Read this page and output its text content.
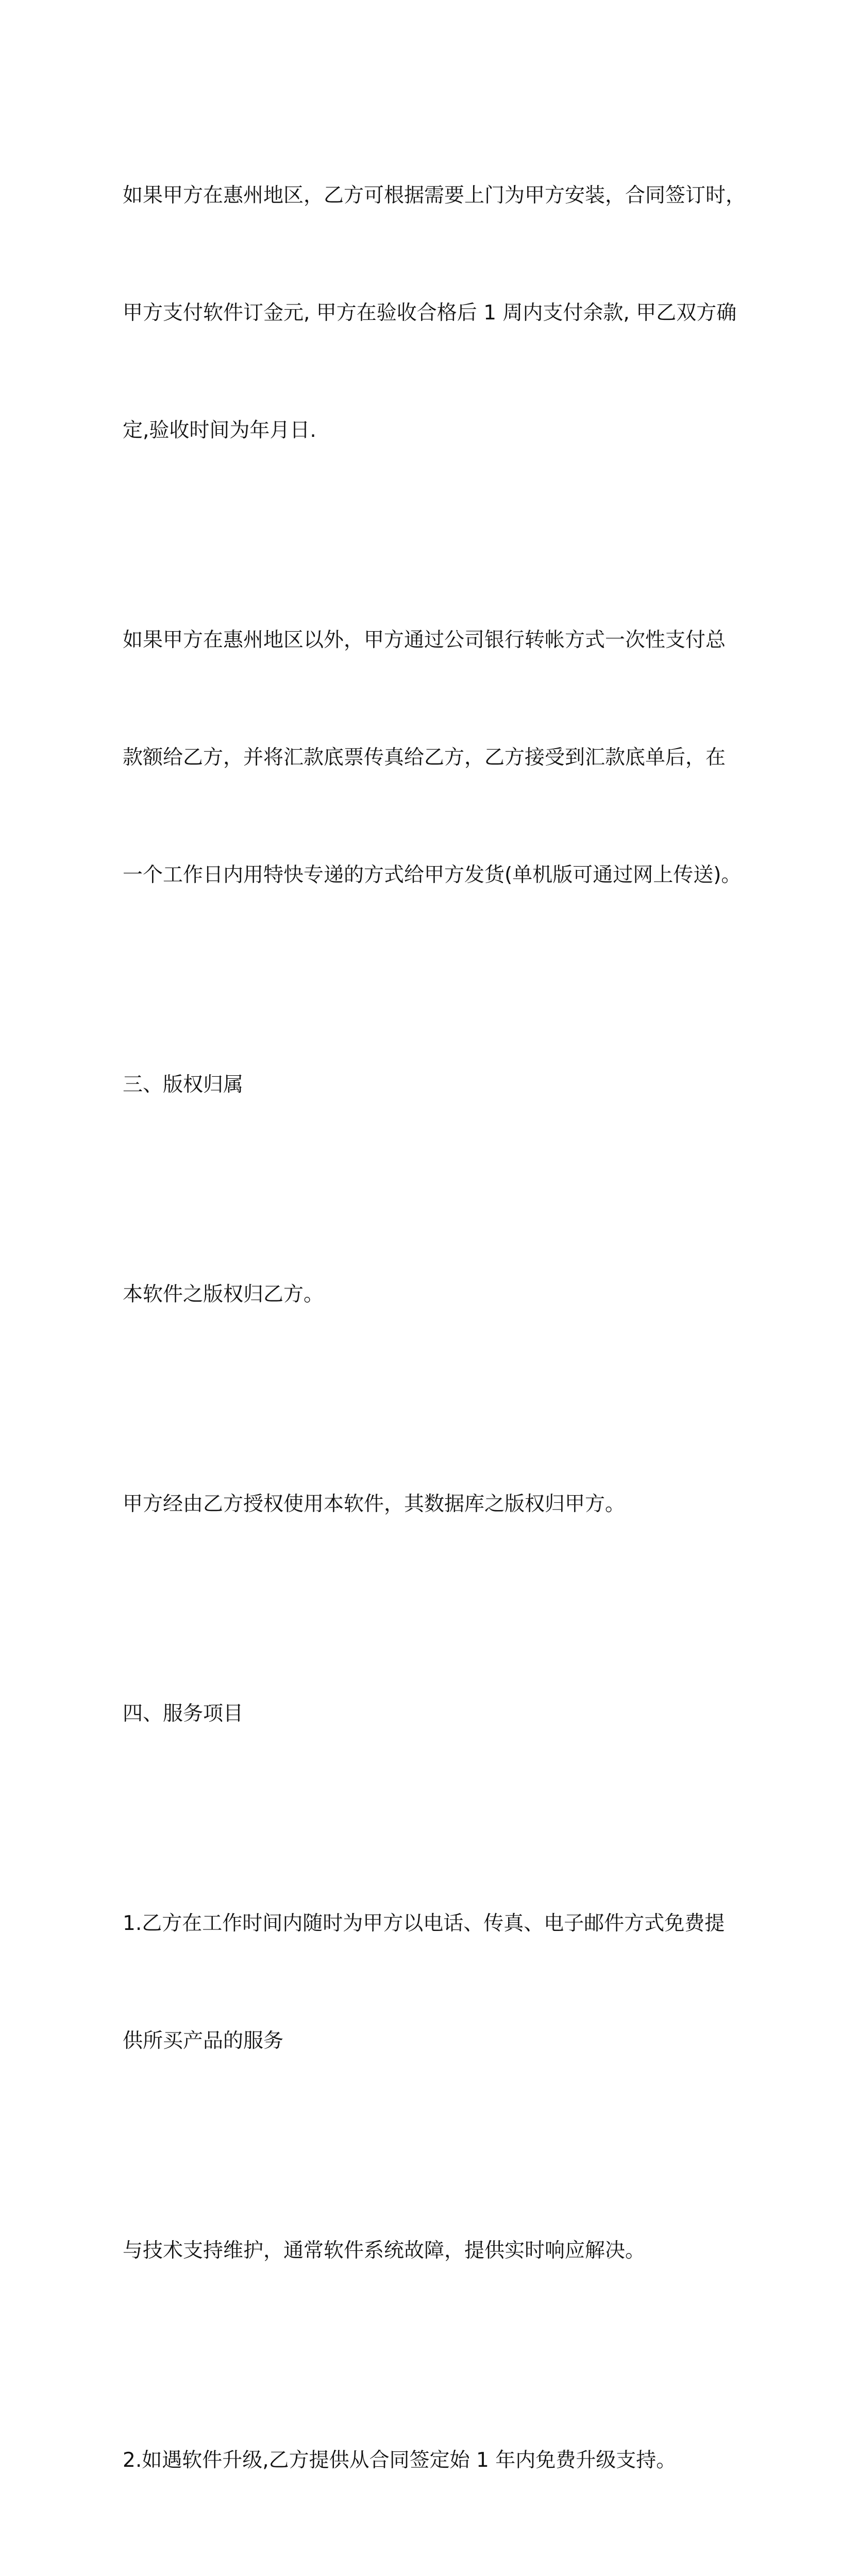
如果甲方在惠州地区，乙方可根据需要上门为甲方安装，合同签订时，

甲方支付软件订金元, 甲方在验收合格后 1 周内支付余款, 甲乙双方确

定,验收时间为年月日.

如果甲方在惠州地区以外，甲方通过公司银行转帐方式一次性支付总

款额给乙方，并将汇款底票传真给乙方，乙方接受到汇款底单后，在

一个工作日内用特快专递的方式给甲方发货(单机版可通过网上传送)。

三、版权归属

本软件之版权归乙方。

甲方经由乙方授权使用本软件，其数据库之版权归甲方。

四、服务项目

1.乙方在工作时间内随时为甲方以电话、传真、电子邮件方式免费提

供所买产品的服务

与技术支持维护，通常软件系统故障，提供实时响应解决。

2.如遇软件升级,乙方提供从合同签定始 1 年内免费升级支持。
